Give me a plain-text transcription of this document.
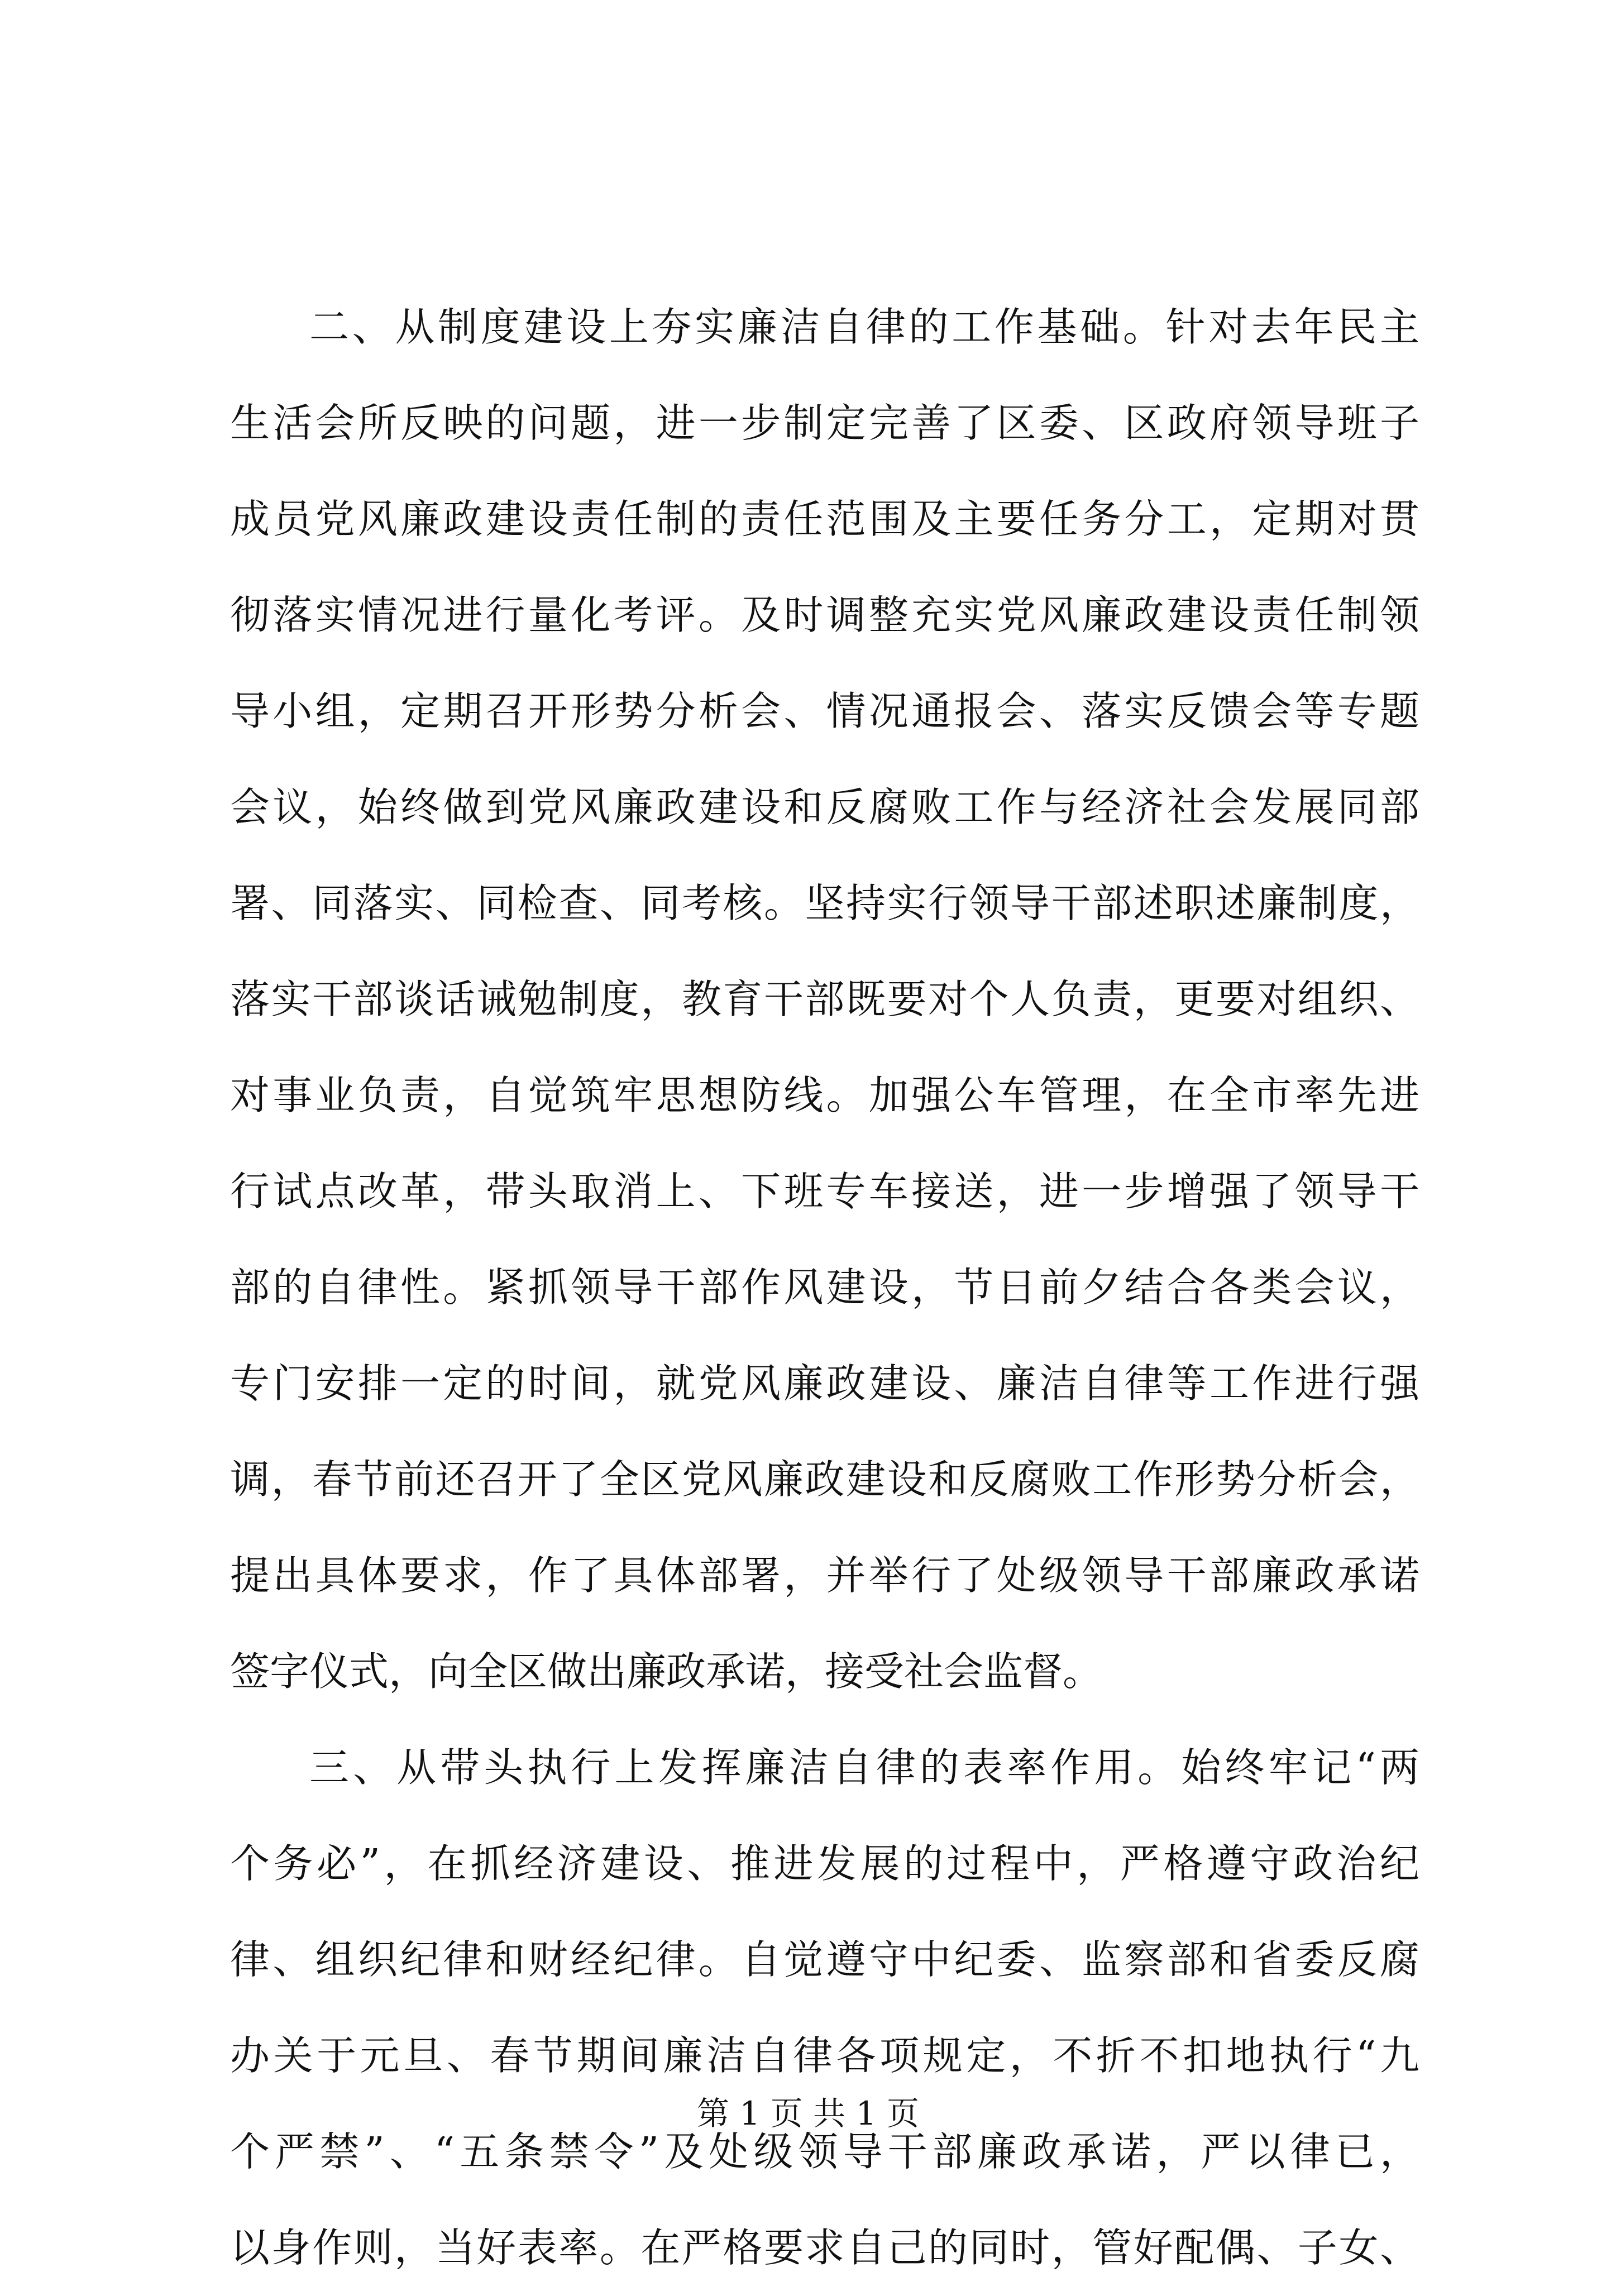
二、从制度建设上夯实廉洁自律的工作基础。针对去年民主
生活会所反映的问题，进一步制定完善了区委、区政府领导班子
成员党风廉政建设责任制的责任范围及主要任务分工，定期对贯
彻落实情况进行量化考评。及时调整充实党风廉政建设责任制领
导小组，定期召开形势分析会、情况通报会、落实反馈会等专题
会议，始终做到党风廉政建设和反腐败工作与经济社会发展同部
署、同落实、同检查、同考核。坚持实行领导干部述职述廉制度，
落实干部谈话诫勉制度，教育干部既要对个人负责，更要对组织、
对事业负责，自觉筑牢思想防线。加强公车管理，在全市率先进
行试点改革，带头取消上、下班专车接送，进一步增强了领导干
部的自律性。紧抓领导干部作风建设，节日前夕结合各类会议，
专门安排一定的时间，就党风廉政建设、廉洁自律等工作进行强
调，春节前还召开了全区党风廉政建设和反腐败工作形势分析会，
提出具体要求，作了具体部署，并举行了处级领导干部廉政承诺
签字仪式，向全区做出廉政承诺，接受社会监督。
三、从带头执行上发挥廉洁自律的表率作用。始终牢记“两
个务必”，在抓经济建设、推进发展的过程中，严格遵守政治纪
律、组织纪律和财经纪律。自觉遵守中纪委、监察部和省委反腐
办关于元旦、春节期间廉洁自律各项规定，不折不扣地执行“九
个严禁”、“五条禁令”及处级领导干部廉政承诺，严以律已，
以身作则，当好表率。在严格要求自己的同时，管好配偶、子女、
第 1 页 共 1 页
